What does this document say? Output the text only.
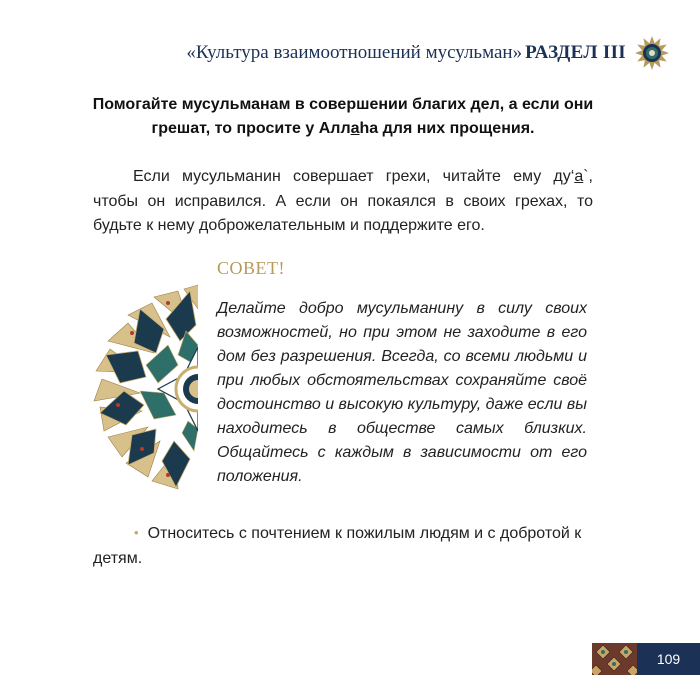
«Культура взаимоотношений мусульман» РАЗДЕЛ III
Помогайте мусульманам в совершении благих дел, а если они
грешат, то просите у Аллаhа для них прощения.
Если мусульманин совершает грехи, читайте ему ду‘а`, чтобы он исправился. А если он покаялся в своих грехах, то будьте к нему доброжелательным и поддержите его.
СОВЕТ!
Делайте добро мусульманину в силу своих возможностей, но при этом не заходите в его дом без разрешения. Всегда, со всеми людьми и при любых обстоятельствах сохраняйте своё достоинство и высокую культуру, даже если вы находитесь в обществе самых близких. Общайтесь с каждым в зависимости от его положения.
• Относитесь с почтением к пожилым людям и с добротой к детям.
109
